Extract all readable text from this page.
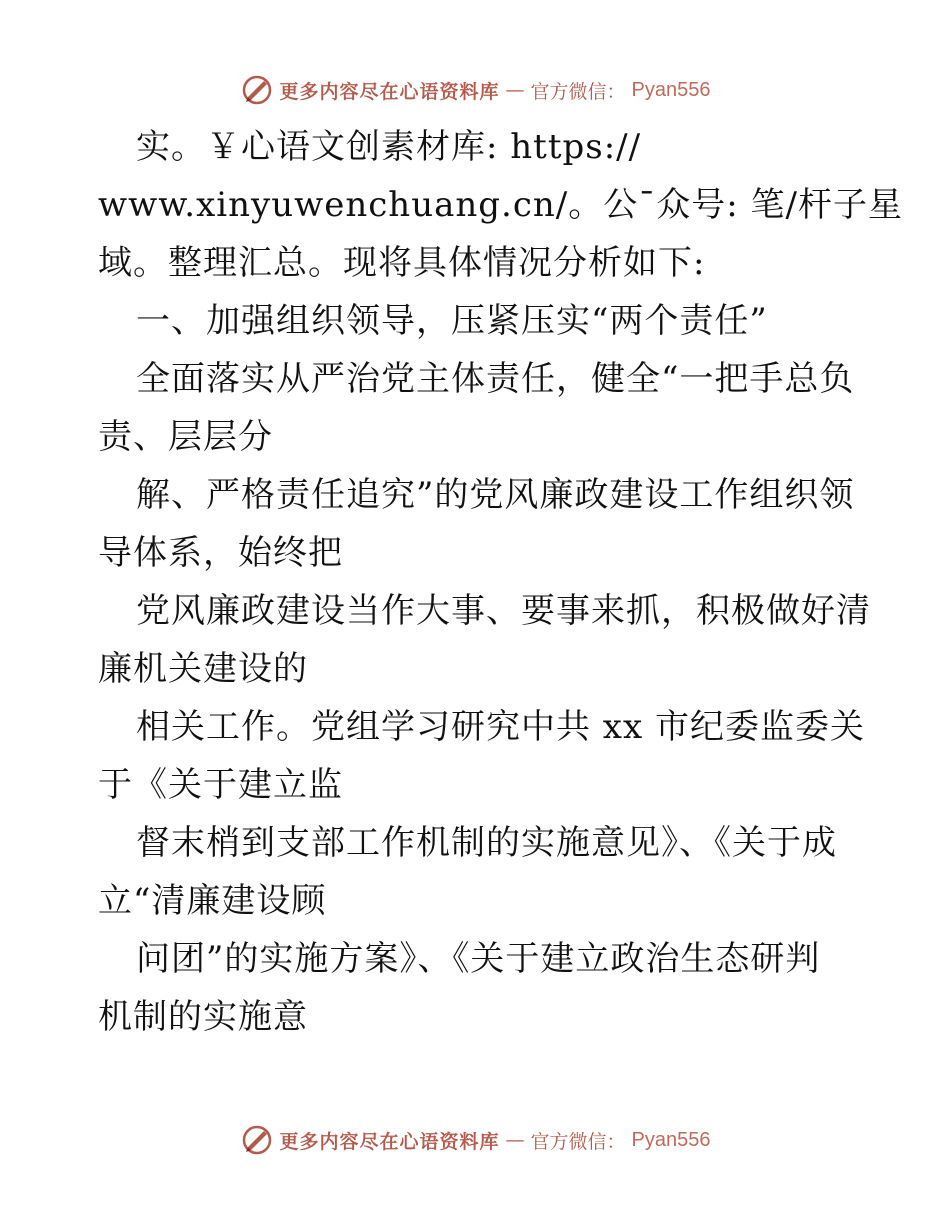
更多内容尽在心语资料库 — 官方微信： Pyan556
实。￥心语文创素材库: https://
www.xinyuwenchuang.cn/。公¯众号: 笔/杆子星
域。整理汇总。现将具体情况分析如下:
一、加强组织领导，压紧压实“两个责任”
全面落实从严治党主体责任，健全“一把手总负
责、层层分
解、严格责任追究”的党风廉政建设工作组织领
导体系，始终把
党风廉政建设当作大事、要事来抓，积极做好清
廉机关建设的
相关工作。党组学习研究中共 xx 市纪委监委关
于《关于建立监
督末梢到支部工作机制的实施意见》、《关于成
立“清廉建设顾
问团”的实施方案》、《关于建立政治生态研判
机制的实施意
更多内容尽在心语资料库 — 官方微信： Pyan556
